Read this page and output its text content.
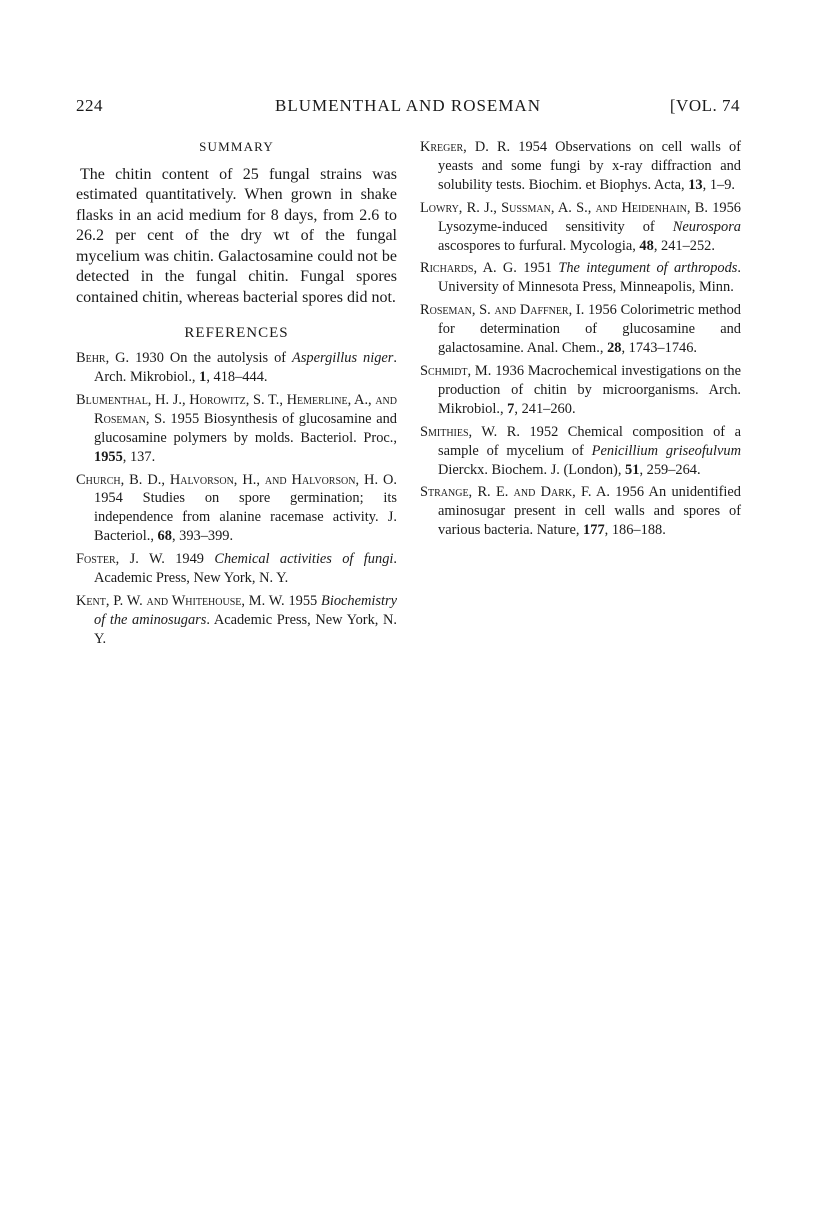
224	BLUMENTHAL AND ROSEMAN	[VOL. 74
SUMMARY

The chitin content of 25 fungal strains was estimated quantitatively. When grown in shake flasks in an acid medium for 8 days, from 2.6 to 26.2 per cent of the dry wt of the fungal mycelium was chitin. Galactosamine could not be detected in the fungal chitin. Fungal spores contained chitin, whereas bacterial spores did not.

REFERENCES

Behr, G. 1930 On the autolysis of Aspergillus niger. Arch. Mikrobiol., 1, 418–444.

Blumenthal, H. J., Horowitz, S. T., Hemerline, A., and Roseman, S. 1955 Biosynthesis of glucosamine and glucosamine polymers by molds. Bacteriol. Proc., 1955, 137.

Church, B. D., Halvorson, H., and Halvorson, H. O. 1954 Studies on spore germination; its independence from alanine racemase activity. J. Bacteriol., 68, 393–399.

Foster, J. W. 1949 Chemical activities of fungi. Academic Press, New York, N. Y.

Kent, P. W. and Whitehouse, M. W. 1955 Biochemistry of the aminosugars. Academic Press, New York, N. Y.

Kreger, D. R. 1954 Observations on cell walls of yeasts and some fungi by x-ray diffraction and solubility tests. Biochim. et Biophys. Acta, 13, 1–9.

Lowry, R. J., Sussman, A. S., and Heidenhain, B. 1956 Lysozyme-induced sensitivity of Neurospora ascospores to furfural. Mycologia, 48, 241–252.

Richards, A. G. 1951 The integument of arthropods. University of Minnesota Press, Minneapolis, Minn.

Roseman, S. and Daffner, I. 1956 Colorimetric method for determination of glucosamine and galactosamine. Anal. Chem., 28, 1743–1746.

Schmidt, M. 1936 Macrochemical investigations on the production of chitin by microorganisms. Arch. Mikrobiol., 7, 241–260.

Smithies, W. R. 1952 Chemical composition of a sample of mycelium of Penicillium griseofulvum Dierckx. Biochem. J. (London), 51, 259–264.

Strange, R. E. and Dark, F. A. 1956 An unidentified aminosugar present in cell walls and spores of various bacteria. Nature, 177, 186–188.
